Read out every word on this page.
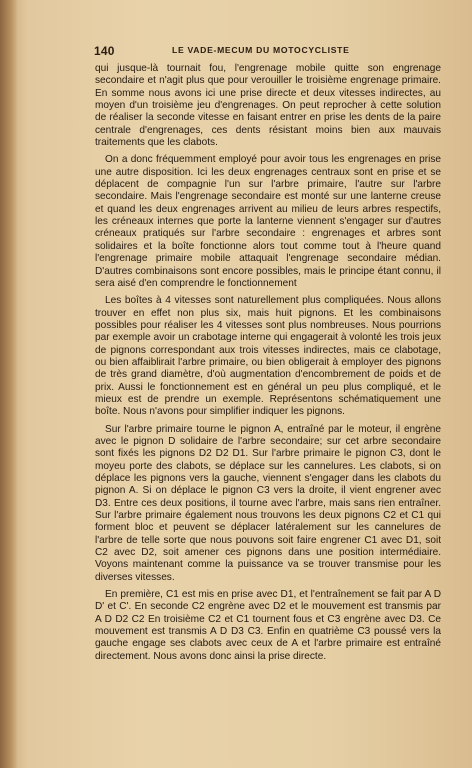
140	LE VADE-MECUM DU MOTOCYCLISTE

qui jusque-là tournait fou, l'engrenage mobile quitte son engrenage secondaire et n'agit plus que pour verouiller le troisième engrenage primaire. En somme nous avons ici une prise directe et deux vitesses indirectes, au moyen d'un troisième jeu d'engrenages. On peut reprocher à cette solution de réaliser la seconde vitesse en faisant entrer en prise les dents de la paire centrale d'engrenages, ces dents résistant moins bien aux mauvais traitements que les clabots.

On a donc fréquemment employé pour avoir tous les engrenages en prise une autre disposition. Ici les deux engrenages centraux sont en prise et se déplacent de compagnie l'un sur l'arbre primaire, l'autre sur l'arbre secondaire. Mais l'engrenage secondaire est monté sur une lanterne creuse et quand les deux engrenages arrivent au milieu de leurs arbres respectifs, les créneaux internes que porte la lanterne viennent s'engager sur d'autres créneaux pratiqués sur l'arbre secondaire : engrenages et arbres sont solidaires et la boîte fonctionne alors tout comme tout à l'heure quand l'engrenage primaire mobile attaquait l'engrenage secondaire médian. D'autres combinaisons sont encore possibles, mais le principe étant connu, il sera aisé d'en comprendre le fonctionnement

Les boîtes à 4 vitesses sont naturellement plus compliquées. Nous allons trouver en effet non plus six, mais huit pignons. Et les combinaisons possibles pour réaliser les 4 vitesses sont plus nombreuses. Nous pourrions par exemple avoir un crabotage interne qui engagerait à volonté les trois jeux de pignons correspondant aux trois vitesses indirectes, mais ce clabotage, ou bien affaiblirait l'arbre primaire, ou bien obligerait à employer des pignons de très grand diamètre, d'où augmentation d'encombrement de poids et de prix. Aussi le fonctionnement est en général un peu plus compliqué, et le mieux est de prendre un exemple. Représentons schématiquement une boîte. Nous n'avons pour simplifier indiquer les pignons.

Sur l'arbre primaire tourne le pignon A, entraîné par le moteur, il engrène avec le pignon D solidaire de l'arbre secondaire; sur cet arbre secondaire sont fixés les pignons D2 D2 D1. Sur l'arbre primaire le pignon C3, dont le moyeu porte des clabots, se déplace sur les cannelures. Les clabots, si on déplace les pignons vers la gauche, viennent s'engager dans les clabots du pignon A. Si on déplace le pignon C3 vers la droite, il vient engrener avec D3. Entre ces deux positions, il tourne avec l'arbre, mais sans rien entraîner. Sur l'arbre primaire également nous trouvons les deux pignons C2 et C1 qui forment bloc et peuvent se déplacer latéralement sur les cannelures de l'arbre de telle sorte que nous pouvons soit faire engrener C1 avec D1, soit C2 avec D2, soit amener ces pignons dans une position intermédiaire. Voyons maintenant comme la puissance va se trouver transmise pour les diverses vitesses.

En première, C1 est mis en prise avec D1, et l'entraînement se fait par A D D' et C'. En seconde C2 engrène avec D2 et le mouvement est transmis par A D D2 C2 En troisième C2 et C1 tournent fous et C3 engrène avec D3. Ce mouvement est transmis A D D3 C3. Enfin en quatrième C3 poussé vers la gauche engage ses clabots avec ceux de A et l'arbre primaire est entraîné directement. Nous avons donc ainsi la prise directe.
